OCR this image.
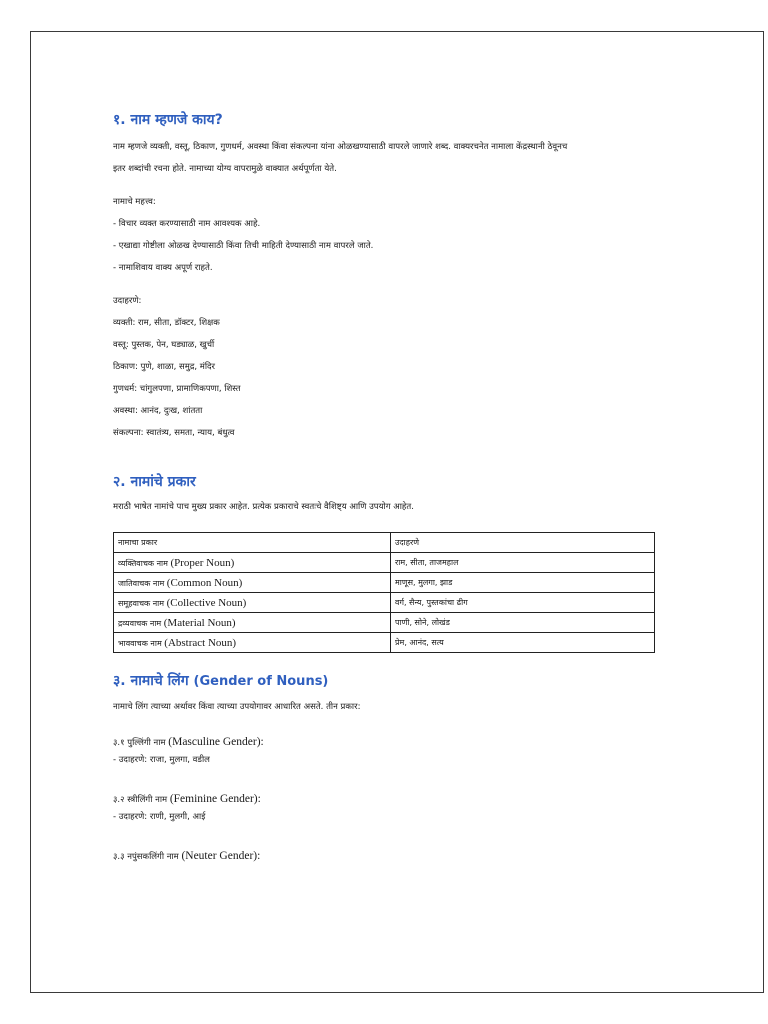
१. नाम म्हणजे काय?
नाम म्हणजे व्यक्ती, वस्तू, ठिकाण, गुणधर्म, अवस्था किंवा संकल्पना यांना ओळखण्यासाठी वापरले जाणारे शब्द. वाक्यरचनेत नामाला केंद्रस्थानी ठेवूनच
इतर शब्दांची रचना होते. नामाच्या योग्य वापरामुळे वाक्यात अर्थपूर्णता येते.
नामाचे महत्त्व:
- विचार व्यक्त करण्यासाठी नाम आवश्यक आहे.
- एखाद्या गोष्टीला ओळख देण्यासाठी किंवा तिची माहिती देण्यासाठी नाम वापरले जाते.
- नामाशिवाय वाक्य अपूर्ण राहते.
उदाहरणे:
व्यक्ती: राम, सीता, डॉक्टर, शिक्षक
वस्तू: पुस्तक, पेन, घड्याळ, खुर्ची
ठिकाण: पुणे, शाळा, समुद्र, मंदिर
गुणधर्म: चांगुलपणा, प्रामाणिकपणा, शिस्त
अवस्था: आनंद, दुःख, शांतता
संकल्पना: स्वातंत्र्य, समता, न्याय, बंधुत्व
२. नामांचे प्रकार
मराठी भाषेत नामांचे पाच मुख्य प्रकार आहेत. प्रत्येक प्रकाराचे स्वतःचे वैशिष्ट्य आणि उपयोग आहेत.
नामाचा प्रकार	उदाहरणे
व्यक्तिवाचक नाम (Proper Noun)	राम, सीता, ताजमहाल
जातिवाचक नाम (Common Noun)	माणूस, मुलगा, झाड
समूहवाचक नाम (Collective Noun)	वर्ग, सैन्य, पुस्तकांचा ढीग
द्रव्यवाचक नाम (Material Noun)	पाणी, सोने, लोखंड
भाववाचक नाम (Abstract Noun)	प्रेम, आनंद, सत्य
३. नामाचे लिंग (Gender of Nouns)
नामाचे लिंग त्याच्या अर्थावर किंवा त्याच्या उपयोगावर आधारित असते. तीन प्रकार:
३.१ पुल्लिंगी नाम (Masculine Gender):
- उदाहरणे: राजा, मुलगा, वडील
३.२ स्त्रीलिंगी नाम (Feminine Gender):
- उदाहरणे: राणी, मुलगी, आई
३.३ नपुंसकलिंगी नाम (Neuter Gender):
